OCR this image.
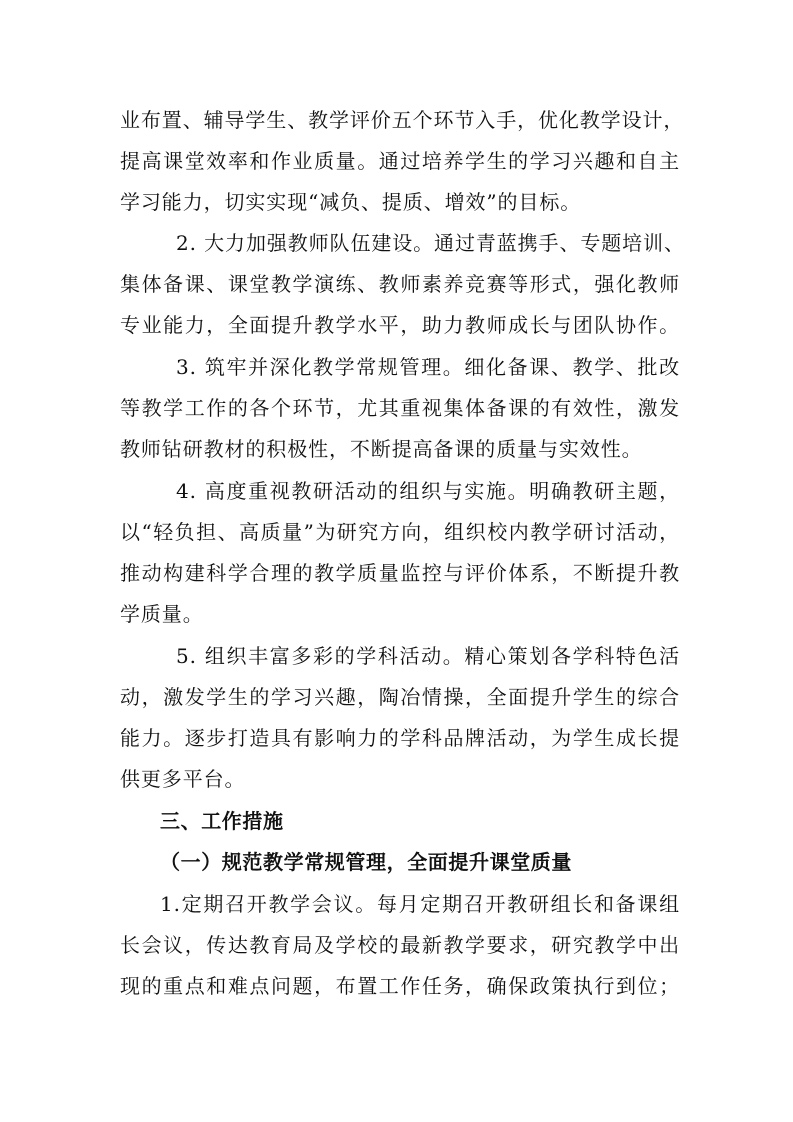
业布置、辅导学生、教学评价五个环节入手，优化教学设计，
提高课堂效率和作业质量。通过培养学生的学习兴趣和自主
学习能力，切实实现“减负、提质、增效”的目标。
2. 大力加强教师队伍建设。通过青蓝携手、专题培训、
集体备课、课堂教学演练、教师素养竞赛等形式，强化教师
专业能力，全面提升教学水平，助力教师成长与团队协作。
3. 筑牢并深化教学常规管理。细化备课、教学、批改
等教学工作的各个环节，尤其重视集体备课的有效性，激发
教师钻研教材的积极性，不断提高备课的质量与实效性。
4. 高度重视教研活动的组织与实施。明确教研主题，
以“轻负担、高质量”为研究方向，组织校内教学研讨活动，
推动构建科学合理的教学质量监控与评价体系，不断提升教
学质量。
5. 组织丰富多彩的学科活动。精心策划各学科特色活
动，激发学生的学习兴趣，陶冶情操，全面提升学生的综合
能力。逐步打造具有影响力的学科品牌活动，为学生成长提
供更多平台。
三、工作措施
（一）规范教学常规管理，全面提升课堂质量
1.定期召开教学会议。每月定期召开教研组长和备课组
长会议，传达教育局及学校的最新教学要求，研究教学中出
现的重点和难点问题，布置工作任务，确保政策执行到位；
